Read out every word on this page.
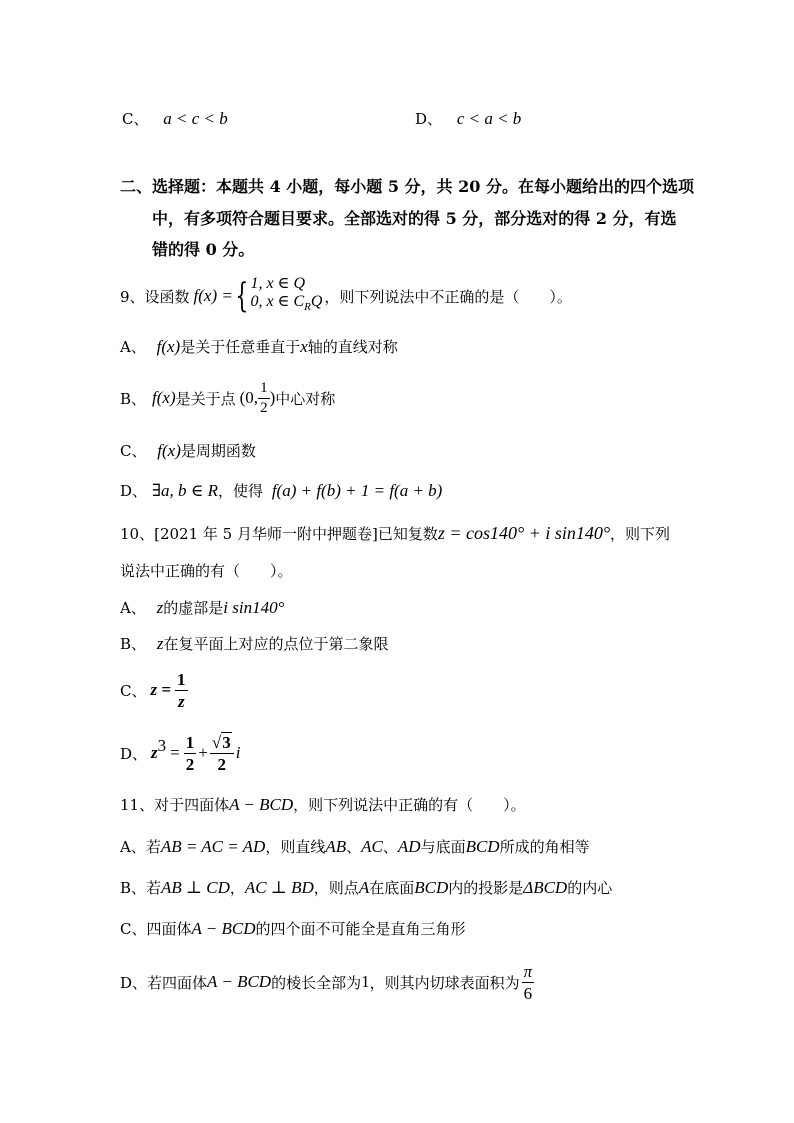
C、 a < c < b	D、 c < a < b
二、选择题：本题共 4 小题，每小题 5 分，共 20 分。在每小题给出的四个选项
中，有多项符合题目要求。全部选对的得 5 分，部分选对的得 2 分，有选
错的得 0 分。
9、设函数 f(x) = { 1, x ∈ Q
0, x ∈ $C_RQ$ ，则下列说法中不正确的是（　　）。
A、 f(x)是关于任意垂直于x轴的直线对称
B、 f(x) 是关于点 (0, $\frac{1}{2}$ ) 中心对称
C、 f(x)是周期函数
D、 ∃a, b ∈ R，使得 f(a) + f(b) + 1 = f(a + b)
10、[2021 年 5 月华师一附中押题卷]已知复数z = cos140° + i sin140°，则下列
说法中正确的有（　　）。
A、 z的虚部是i sin140°
B、 z在复平面上对应的点位于第二象限
C、 $z = \frac{1}{z}$
D、 z $3 = \frac{1}{2} + \frac{√3}{2}$ i
11、对于四面体A − BCD，则下列说法中正确的有（　　）。
A、若AB = AC = AD，则直线AB、AC、AD与底面BCD所成的角相等
B、若AB ⊥ CD，AC ⊥ BD，则点A在底面BCD内的投影是ΔBCD的内心
C、四面体A − BCD的四个面不可能全是直角三角形
D、若四面体 A − BCD 的棱长全部为 1 ，则其内切球表面积为 $\frac{\pi}{6}$
